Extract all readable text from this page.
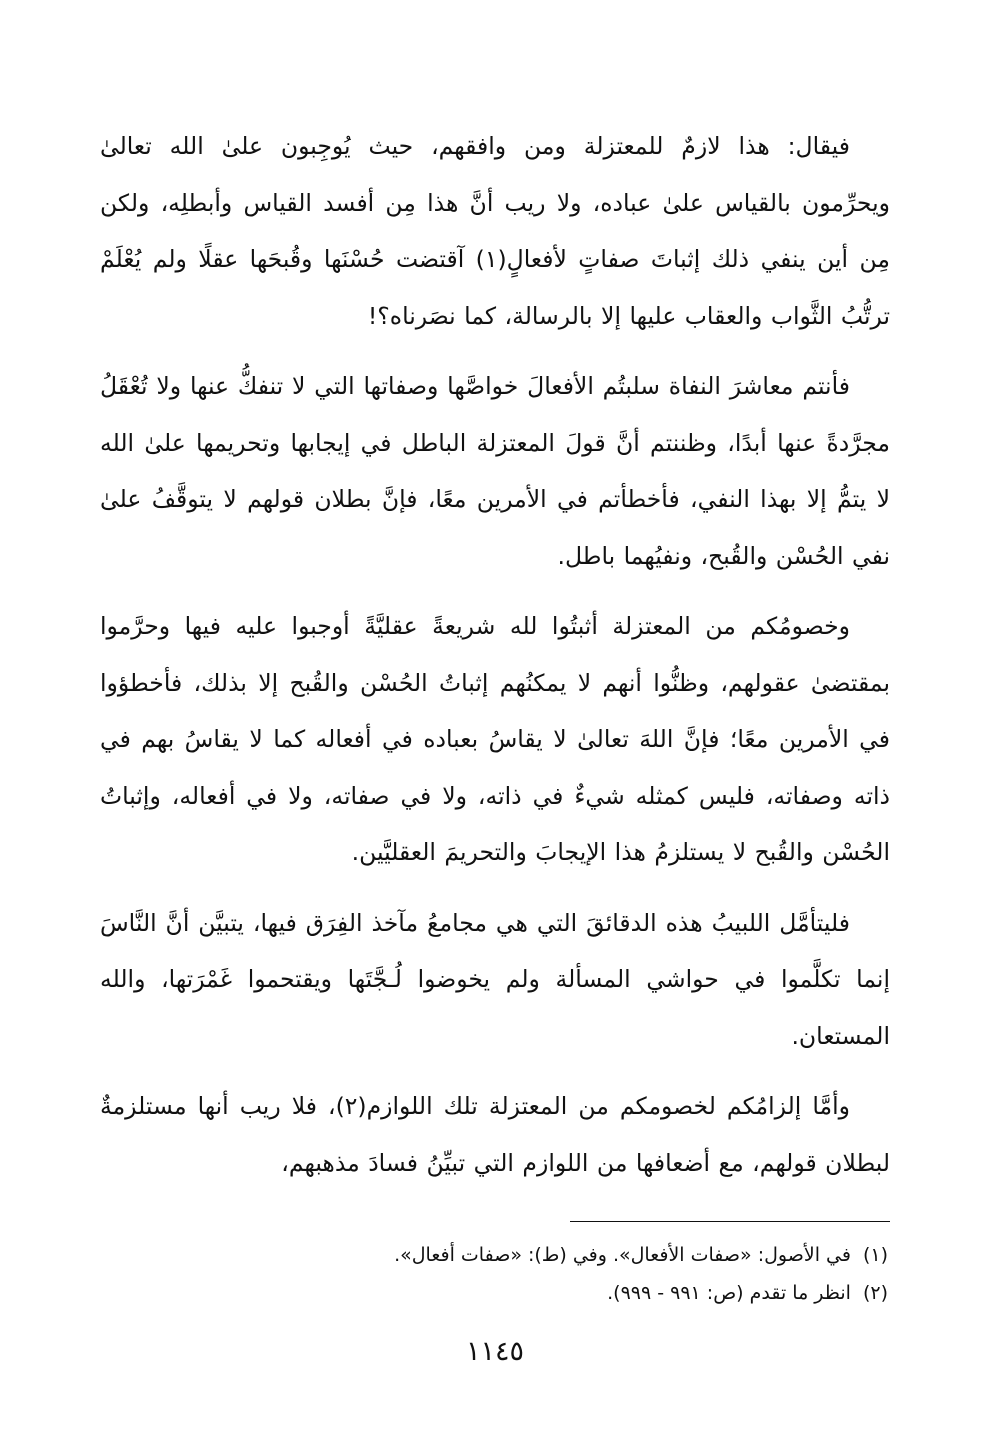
فيقال: هذا لازمٌ للمعتزلة ومن وافقهم، حيث يُوجِبون علىٰ الله تعالىٰ ويحرِّمون بالقياس علىٰ عباده، ولا ريب أنَّ هذا مِن أفسد القياس وأبطلِه، ولكن مِن أين ينفي ذلك إثباتَ صفاتٍ لأفعالٍ(١) آقتضت حُسْنَها وقُبحَها عقلًا ولم يُعْلَمْ ترتُّبُ الثَّواب والعقاب عليها إلا بالرسالة، كما نصَرناه؟!

فأنتم معاشرَ النفاة سلبتُم الأفعالَ خواصَّها وصفاتها التي لا تنفكُّ عنها ولا تُعْقَلُ مجرَّدةً عنها أبدًا، وظننتم أنَّ قولَ المعتزلة الباطل في إيجابها وتحريمها علىٰ الله لا يتمُّ إلا بهذا النفي، فأخطأتم في الأمرين معًا، فإنَّ بطلان قولهم لا يتوقَّفُ علىٰ نفي الحُسْن والقُبح، ونفيُهما باطل.

وخصومُكم من المعتزلة أثبتُوا لله شريعةً عقليَّةً أوجبوا عليه فيها وحرَّموا بمقتضىٰ عقولهم، وظنُّوا أنهم لا يمكنُهم إثباتُ الحُسْن والقُبح إلا بذلك، فأخطؤوا في الأمرين معًا؛ فإنَّ اللهَ تعالىٰ لا يقاسُ بعباده في أفعاله كما لا يقاسُ بهم في ذاته وصفاته، فليس كمثله شيءٌ في ذاته، ولا في صفاته، ولا في أفعاله، وإثباتُ الحُسْن والقُبح لا يستلزمُ هذا الإيجابَ والتحريمَ العقليَّين.

فليتأمَّل اللبيبُ هذه الدقائقَ التي هي مجامعُ مآخذ الفِرَق فيها، يتبيَّن أنَّ النَّاسَ إنما تكلَّموا في حواشي المسألة ولم يخوضوا لُـجَّتَها ويقتحموا غَمْرَتها، والله المستعان.

وأمَّا إلزامُكم لخصومكم من المعتزلة تلك اللوازم(٢)، فلا ريب أنها مستلزمةٌ لبطلان قولهم، مع أضعافها من اللوازم التي تبيِّنُ فسادَ مذهبهم،

(١)في الأصول: «صفات الأفعال». وفي (ط): «صفات أفعال».
(٢)انظر ما تقدم (ص: ٩٩١ - ٩٩٩).
١١٤٥
